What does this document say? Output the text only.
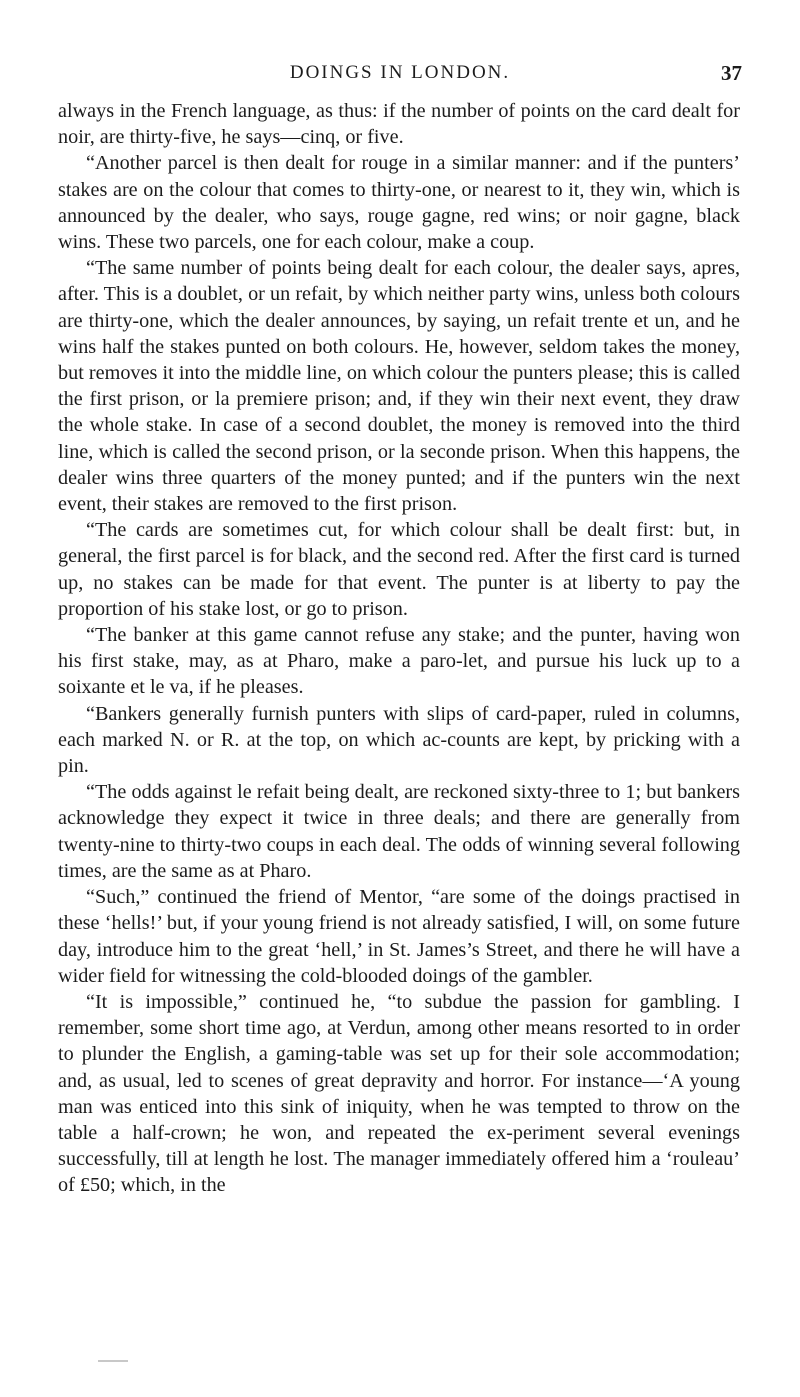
DOINGS IN LONDON.	37

always in the French language, as thus: if the number of points on the card dealt for noir, are thirty-five, he says—cinq, or five.

“Another parcel is then dealt for rouge in a similar manner: and if the punters’ stakes are on the colour that comes to thirty-one, or nearest to it, they win, which is announced by the dealer, who says, rouge gagne, red wins; or noir gagne, black wins. These two parcels, one for each colour, make a coup.

“The same number of points being dealt for each colour, the dealer says, apres, after. This is a doublet, or un refait, by which neither party wins, unless both colours are thirty-one, which the dealer announces, by saying, un refait trente et un, and he wins half the stakes punted on both colours. He, however, seldom takes the money, but removes it into the middle line, on which colour the punters please; this is called the first prison, or la premiere prison; and, if they win their next event, they draw the whole stake. In case of a second doublet, the money is removed into the third line, which is called the second prison, or la seconde prison. When this happens, the dealer wins three quarters of the money punted; and if the punters win the next event, their stakes are removed to the first prison.

“The cards are sometimes cut, for which colour shall be dealt first: but, in general, the first parcel is for black, and the second red. After the first card is turned up, no stakes can be made for that event. The punter is at liberty to pay the proportion of his stake lost, or go to prison.

“The banker at this game cannot refuse any stake; and the punter, having won his first stake, may, as at Pharo, make a paro-let, and pursue his luck up to a soixante et le va, if he pleases.

“Bankers generally furnish punters with slips of card-paper, ruled in columns, each marked N. or R. at the top, on which ac-counts are kept, by pricking with a pin.

“The odds against le refait being dealt, are reckoned sixty-three to 1; but bankers acknowledge they expect it twice in three deals; and there are generally from twenty-nine to thirty-two coups in each deal. The odds of winning several following times, are the same as at Pharo.

“Such,” continued the friend of Mentor, “are some of the doings practised in these ‘hells!’ but, if your young friend is not already satisfied, I will, on some future day, introduce him to the great ‘hell,’ in St. James’s Street, and there he will have a wider field for witnessing the cold-blooded doings of the gambler.

“It is impossible,” continued he, “to subdue the passion for gambling. I remember, some short time ago, at Verdun, among other means resorted to in order to plunder the English, a gaming-table was set up for their sole accommodation; and, as usual, led to scenes of great depravity and horror. For instance—‘A young man was enticed into this sink of iniquity, when he was tempted to throw on the table a half-crown; he won, and repeated the ex-periment several evenings successfully, till at length he lost. The manager immediately offered him a ‘rouleau’ of £50; which, in the
